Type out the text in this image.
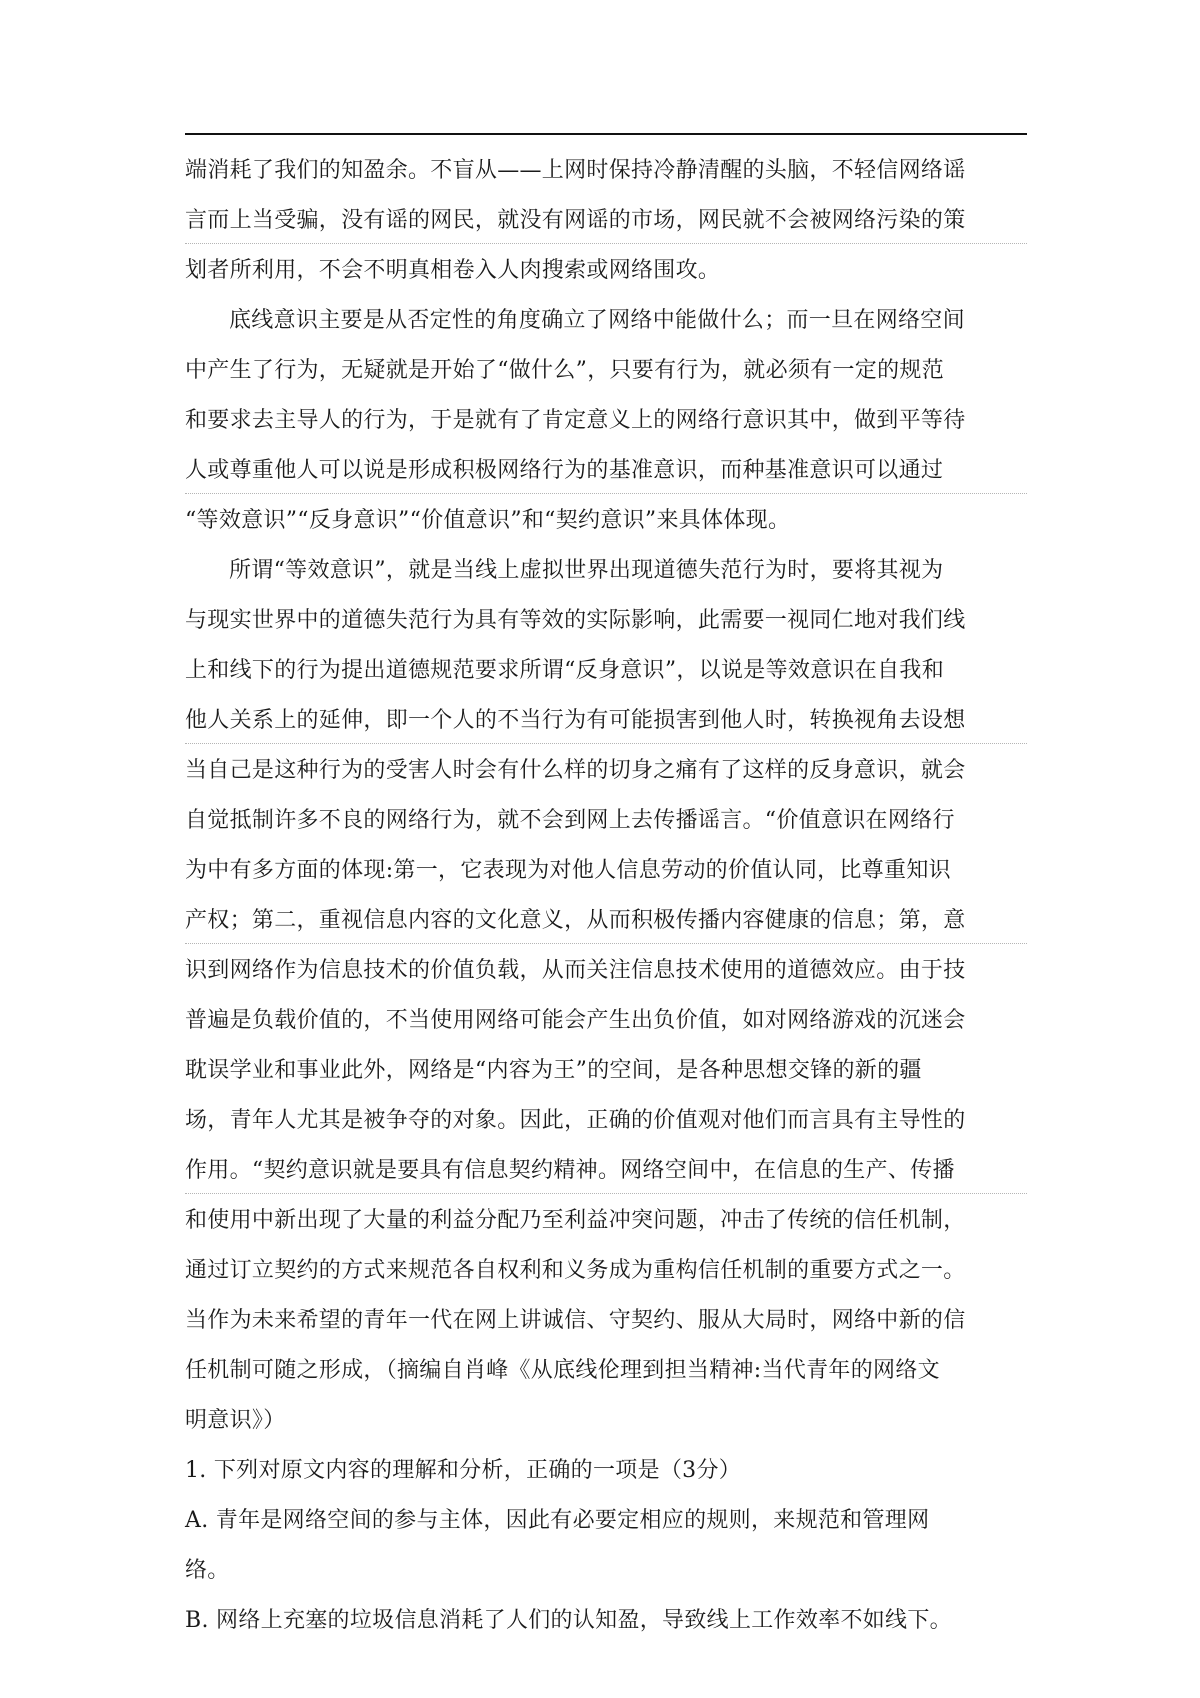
端消耗了我们的知盈余。不盲从——上网时保持冷静清醒的头脑，不轻信网络谣
言而上当受骗，没有谣的网民，就没有网谣的市场，网民就不会被网络污染的策
划者所利用，不会不明真相卷入人肉搜索或网络围攻。
底线意识主要是从否定性的角度确立了网络中能做什么；而一旦在网络空间
中产生了行为，无疑就是开始了“做什么”，只要有行为，就必须有一定的规范
和要求去主导人的行为，于是就有了肯定意义上的网络行意识其中，做到平等待
人或尊重他人可以说是形成积极网络行为的基准意识，而种基准意识可以通过
“等效意识”“反身意识”“价值意识”和“契约意识”来具体体现。
所谓“等效意识”，就是当线上虚拟世界出现道德失范行为时，要将其视为
与现实世界中的道德失范行为具有等效的实际影响，此需要一视同仁地对我们线
上和线下的行为提出道德规范要求所谓“反身意识”，以说是等效意识在自我和
他人关系上的延伸，即一个人的不当行为有可能损害到他人时，转换视角去设想
当自己是这种行为的受害人时会有什么样的切身之痛有了这样的反身意识，就会
自觉抵制许多不良的网络行为，就不会到网上去传播谣言。“价值意识在网络行
为中有多方面的体现:第一，它表现为对他人信息劳动的价值认同，比尊重知识
产权；第二，重视信息内容的文化意义，从而积极传播内容健康的信息；第，意
识到网络作为信息技术的价值负载，从而关注信息技术使用的道德效应。由于技
普遍是负载价值的，不当使用网络可能会产生出负价值，如对网络游戏的沉迷会
耽误学业和事业此外，网络是“内容为王”的空间，是各种思想交锋的新的疆
场，青年人尤其是被争夺的对象。因此，正确的价值观对他们而言具有主导性的
作用。“契约意识就是要具有信息契约精神。网络空间中，在信息的生产、传播
和使用中新出现了大量的利益分配乃至利益冲突问题，冲击了传统的信任机制，
通过订立契约的方式来规范各自权利和义务成为重构信任机制的重要方式之一。
当作为未来希望的青年一代在网上讲诚信、守契约、服从大局时，网络中新的信
任机制可随之形成，（摘编自肖峰《从底线伦理到担当精神:当代青年的网络文
明意识》）
1. 下列对原文内容的理解和分析，正确的一项是（3分）
A. 青年是网络空间的参与主体，因此有必要定相应的规则，来规范和管理网
络。
B. 网络上充塞的垃圾信息消耗了人们的认知盈，导致线上工作效率不如线下。
